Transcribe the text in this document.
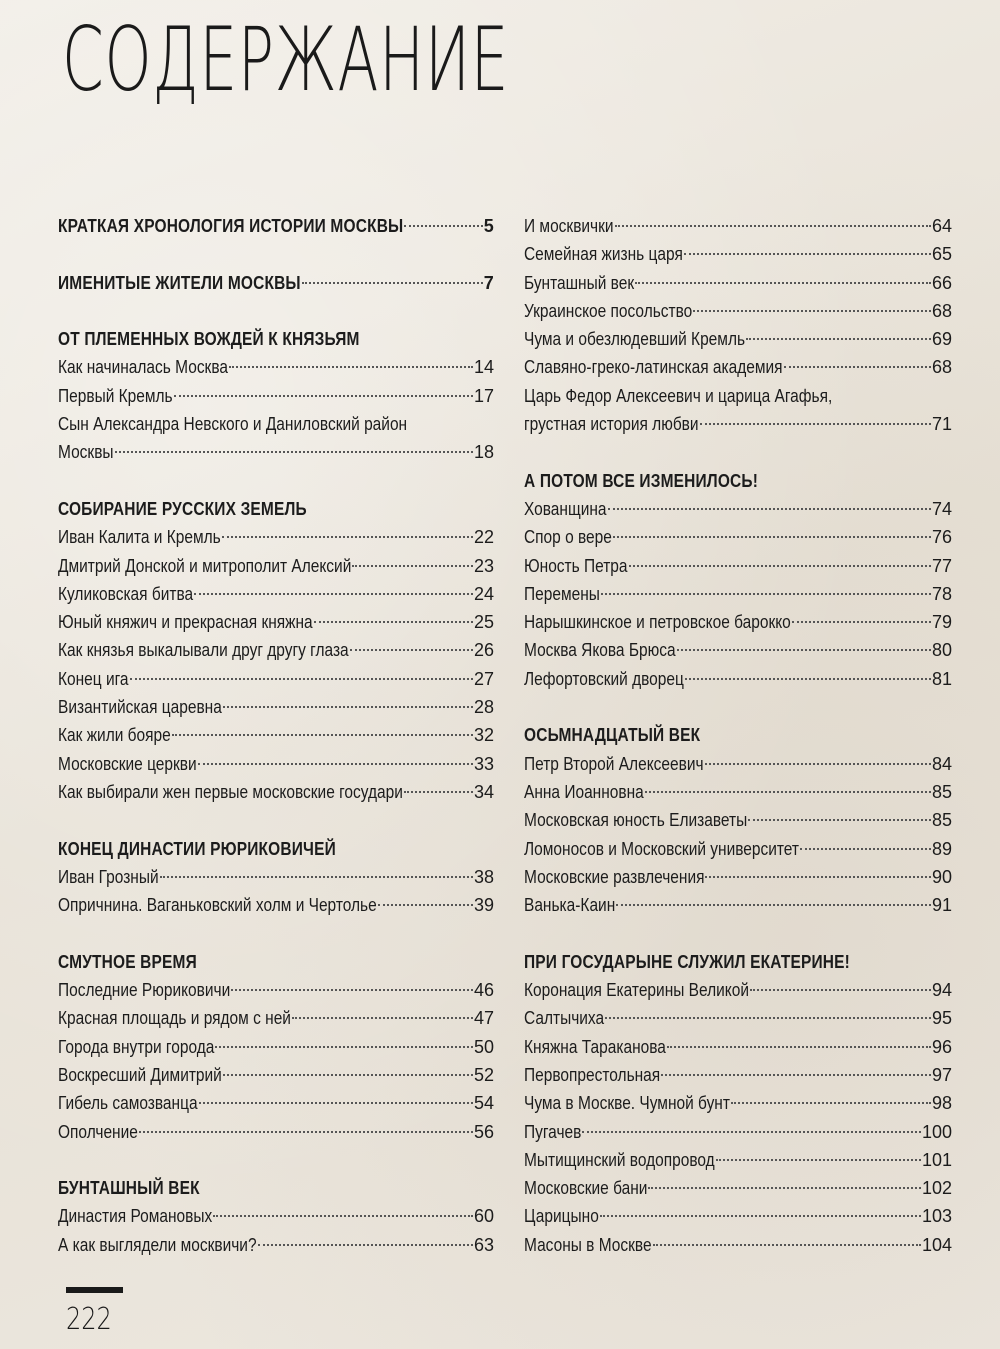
СОДЕРЖАНИЕ
КРАТКАЯ ХРОНОЛОГИЯ ИСТОРИИ МОСКВЫ	5
ИМЕНИТЫЕ ЖИТЕЛИ МОСКВЫ	7
ОТ ПЛЕМЕННЫХ ВОЖДЕЙ К КНЯЗЬЯМ
Как начиналась Москва	14
Первый Кремль	17
Сын Александра Невского и Даниловский район
Москвы	18
СОБИРАНИЕ РУССКИХ ЗЕМЕЛЬ
Иван Калита и Кремль	22
Дмитрий Донской и митрополит Алексий	23
Куликовская битва	24
Юный княжич и прекрасная княжна	25
Как князья выкалывали друг другу глаза	26
Конец ига	27
Византийская царевна	28
Как жили бояре	32
Московские церкви	33
Как выбирали жен первые московские государи	34
КОНЕЦ ДИНАСТИИ РЮРИКОВИЧЕЙ
Иван Грозный	38
Опричнина. Ваганьковский холм и Чертолье	39
СМУТНОЕ ВРЕМЯ
Последние Рюриковичи	46
Красная площадь и рядом с ней	47
Города внутри города	50
Воскресший Димитрий	52
Гибель самозванца	54
Ополчение	56
БУНТАШНЫЙ ВЕК
Династия Романовых	60
А как выглядели москвичи?	63
И москвички	64
Семейная жизнь царя	65
Бунташный век	66
Украинское посольство	68
Чума и обезлюдевший Кремль	69
Славяно-греко-латинская академия	68
Царь Федор Алексеевич и царица Агафья,
грустная история любви	71
А ПОТОМ ВСЕ ИЗМЕНИЛОСЬ!
Хованщина	74
Спор о вере	76
Юность Петра	77
Перемены	78
Нарышкинское и петровское барокко	79
Москва Якова Брюса	80
Лефортовский дворец	81
ОСЬМНАДЦАТЫЙ ВЕК
Петр Второй Алексеевич	84
Анна Иоанновна	85
Московская юность Елизаветы	85
Ломоносов и Московский университет	89
Московские развлечения	90
Ванька-Каин	91
ПРИ ГОСУДАРЫНЕ СЛУЖИЛ ЕКАТЕРИНЕ!
Коронация Екатерины Великой	94
Салтычиха	95
Княжна Тараканова	96
Первопрестольная	97
Чума в Москве. Чумной бунт	98
Пугачев	100
Мытищинский водопровод	101
Московские бани	102
Царицыно	103
Масоны в Москве	104
222
